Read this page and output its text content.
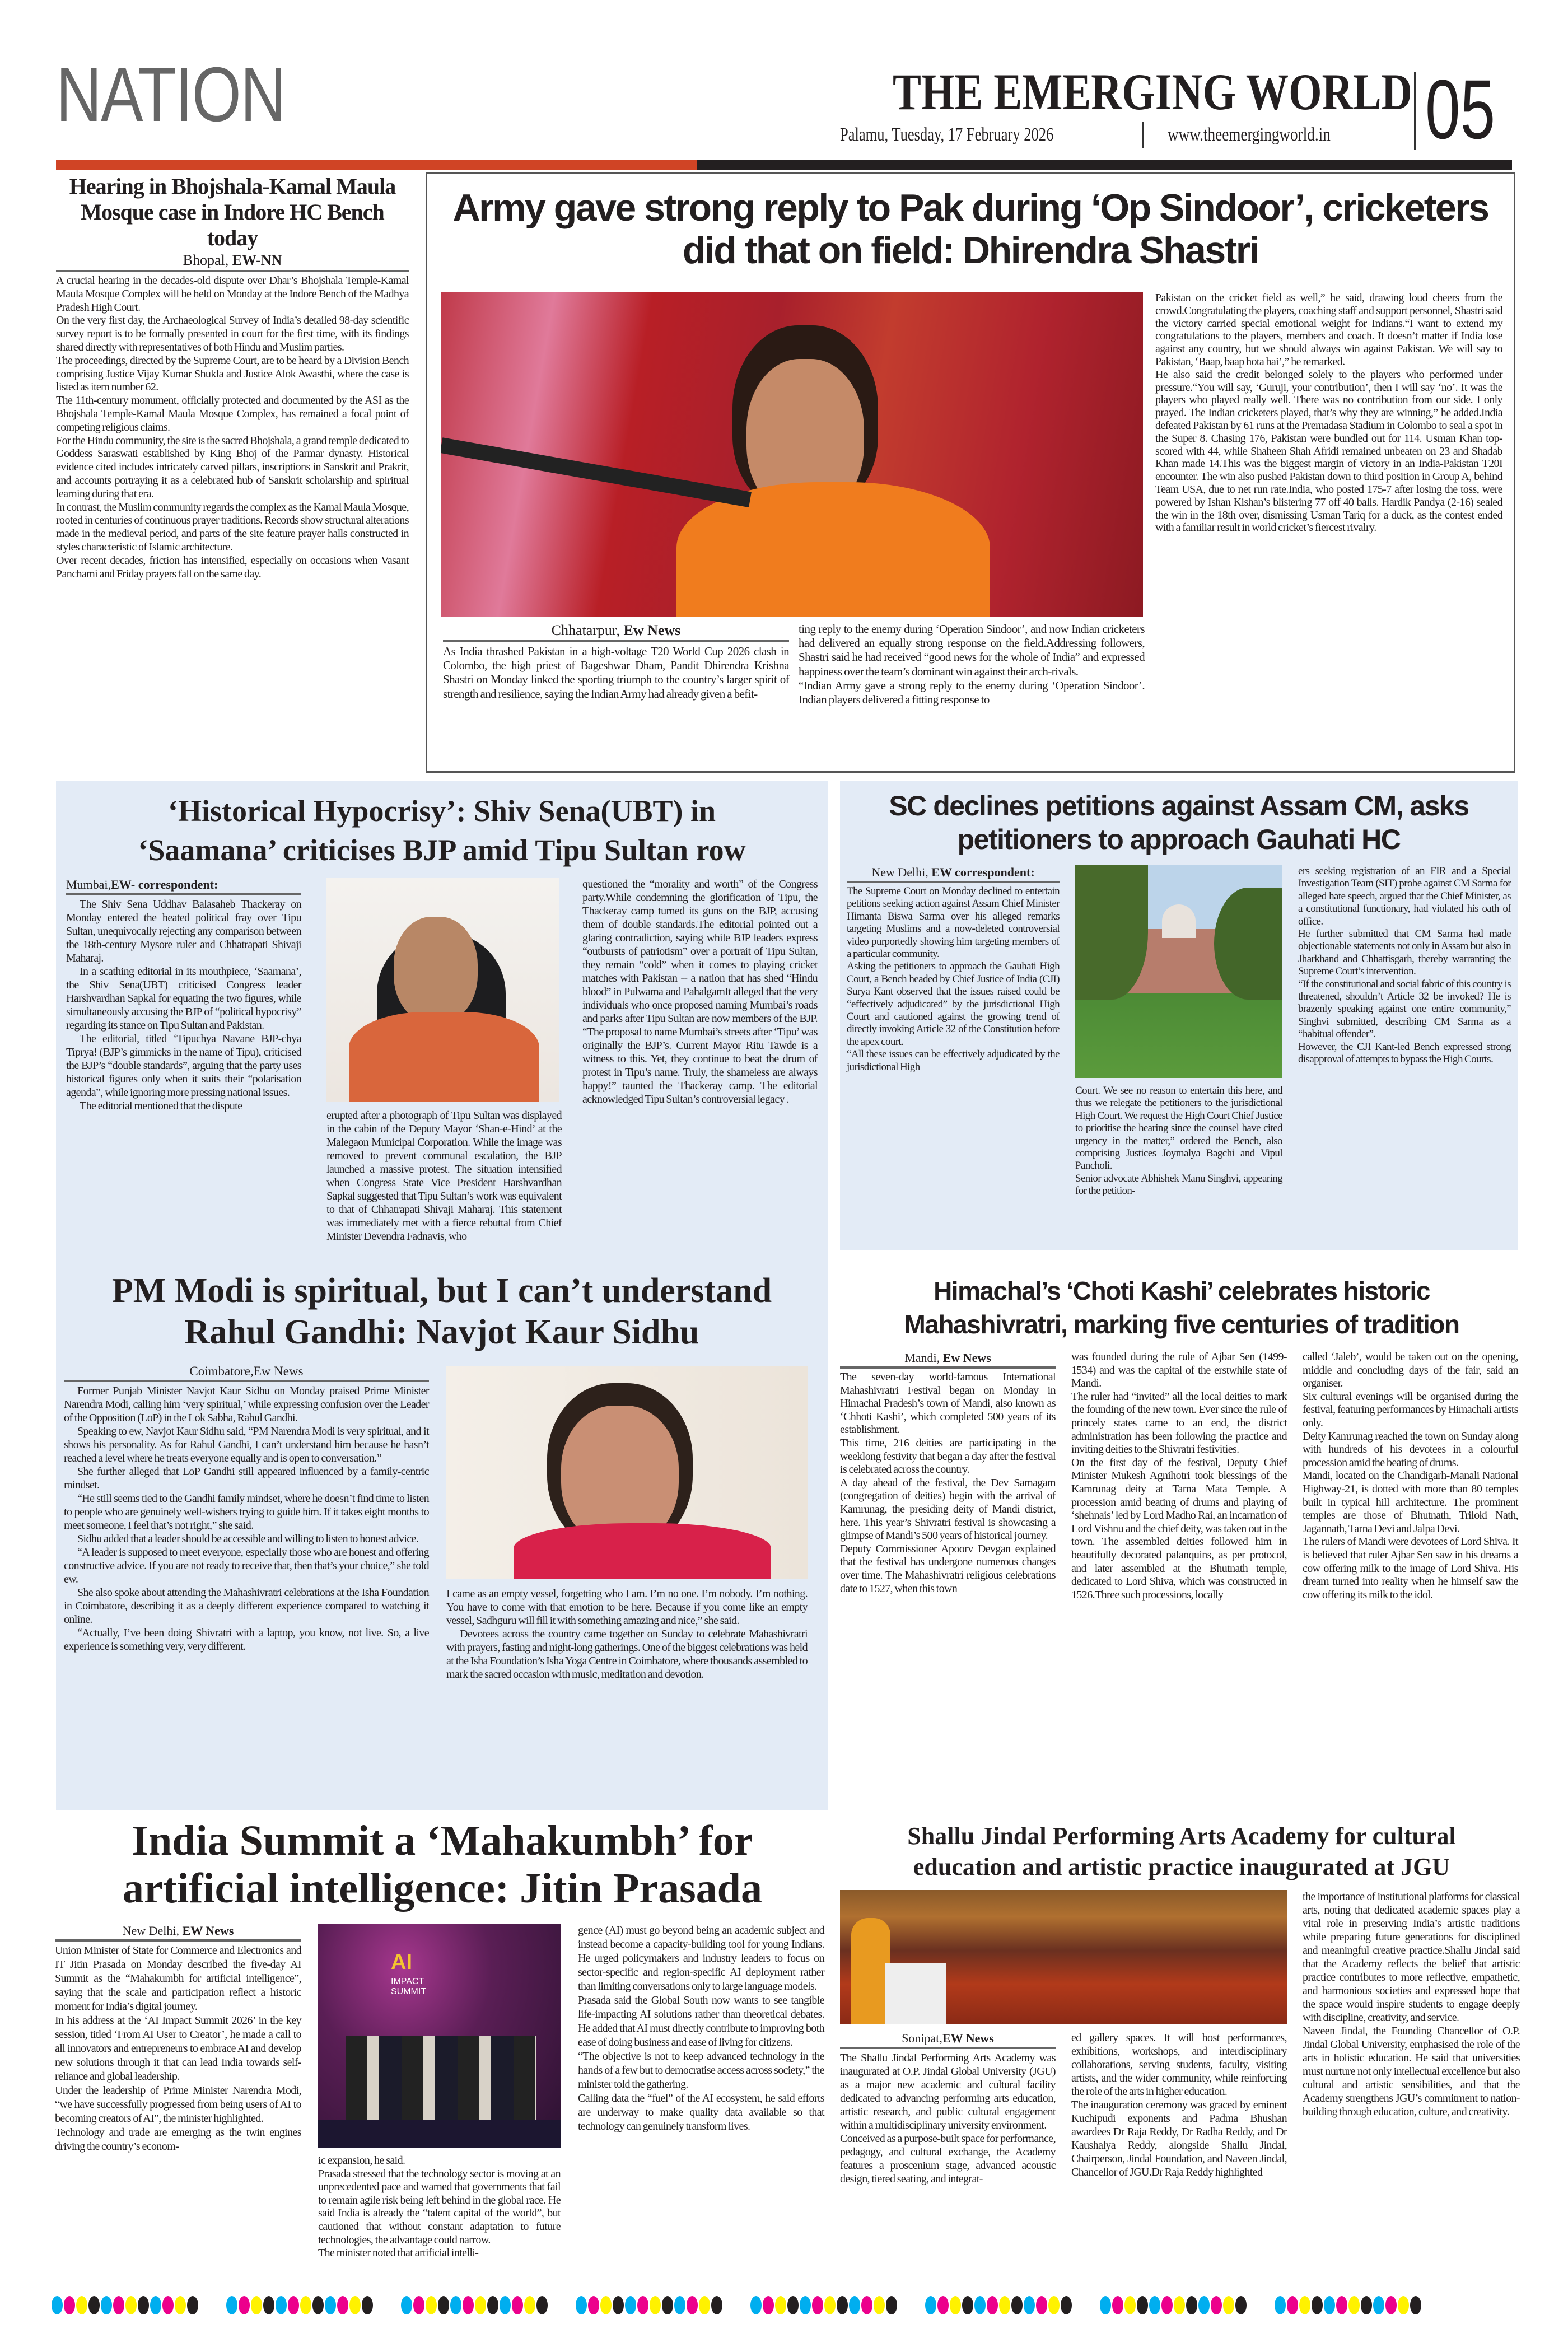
NATION	THE EMERGING WORLD
Palamu, Tuesday, 17 February 2026	www.theemergingworld.in 05
Hearing in Bhojshala-Kamal Maula Mosque case in Indore HC Bench today
Bhopal, EW-NN

A crucial hearing in the decades-old dispute over Dhar’s Bhojshala Temple-Kamal Maula Mosque Complex will be held on Monday at the Indore Bench of the Madhya Pradesh High Court.

On the very first day, the Archaeological Survey of India’s detailed 98-day scientific survey report is to be formally presented in court for the first time, with its findings shared directly with representatives of both Hindu and Muslim parties.

The proceedings, directed by the Supreme Court, are to be heard by a Division Bench comprising Justice Vijay Kumar Shukla and Justice Alok Awasthi, where the case is listed as item number 62.

The 11th-century monument, officially protected and documented by the ASI as the Bhojshala Temple-Kamal Maula Mosque Complex, has remained a focal point of competing religious claims.

For the Hindu community, the site is the sacred Bhojshala, a grand temple dedicated to Goddess Saraswati established by King Bhoj of the Parmar dynasty. Historical evidence cited includes intricately carved pillars, inscriptions in Sanskrit and Prakrit, and accounts portraying it as a celebrated hub of Sanskrit scholarship and spiritual learning during that era.

In contrast, the Muslim community regards the complex as the Kamal Maula Mosque, rooted in centuries of continuous prayer traditions. Records show structural alterations made in the medieval period, and parts of the site feature prayer halls constructed in styles characteristic of Islamic architecture.

Over recent decades, friction has intensified, especially on occasions when Vasant Panchami and Friday prayers fall on the same day.

Army gave strong reply to Pak during ‘Op Sindoor’, cricketers did that on field: Dhirendra Shastri
Chhatarpur, Ew News

As India thrashed Pakistan in a high-voltage T20 World Cup 2026 clash in Colombo, the high priest of Bageshwar Dham, Pandit Dhirendra Krishna Shastri on Monday linked the sporting triumph to the country’s larger spirit of strength and resilience, saying the Indian Army had already given a befit-

ting reply to the enemy during ‘Operation Sindoor’, and now Indian cricketers had delivered an equally strong response on the field.Addressing followers, Shastri said he had received “good news for the whole of India” and expressed happiness over the team’s dominant win against their arch-rivals.

“Indian Army gave a strong reply to the enemy during ‘Operation Sindoor’. Indian players delivered a fitting response to

Pakistan on the cricket field as well,” he said, drawing loud cheers from the crowd.Congratulating the players, coaching staff and support personnel, Shastri said the victory carried special emotional weight for Indians.“I want to extend my congratulations to the players, members and coach. It doesn’t matter if India lose against any country, but we should always win against Pakistan. We will say to Pakistan, ‘Baap, baap hota hai’,” he remarked.

He also said the credit belonged solely to the players who performed under pressure.“You will say, ‘Guruji, your contribution’, then I will say ‘no’. It was the players who played really well. There was no contribution from our side. I only prayed. The Indian cricketers played, that’s why they are winning,” he added.India defeated Pakistan by 61 runs at the Premadasa Stadium in Colombo to seal a spot in the Super 8. Chasing 176, Pakistan were bundled out for 114. Usman Khan top-scored with 44, while Shaheen Shah Afridi remained unbeaten on 23 and Shadab Khan made 14.This was the biggest margin of victory in an India-Pakistan T20I encounter. The win also pushed Pakistan down to third position in Group A, behind Team USA, due to net run rate.India, who posted 175-7 after losing the toss, were powered by Ishan Kishan’s blistering 77 off 40 balls. Hardik Pandya (2-16) sealed the win in the 18th over, dismissing Usman Tariq for a duck, as the contest ended with a familiar result in world cricket’s fiercest rivalry.

‘Historical Hypocrisy’: Shiv Sena(UBT) in
‘Saamana’ criticises BJP amid Tipu Sultan row
Mumbai,EW- correspondent:

The Shiv Sena Uddhav Balasaheb Thackeray on Monday entered the heated political fray over Tipu Sultan, unequivocally rejecting any comparison between the 18th-century Mysore ruler and Chhatrapati Shivaji Maharaj.

In a scathing editorial in its mouthpiece, ‘Saamana’, the Shiv Sena(UBT) criticised Congress leader Harshvardhan Sapkal for equating the two figures, while simultaneously accusing the BJP of “political hypocrisy” regarding its stance on Tipu Sultan and Pakistan.

The editorial, titled ‘Tipuchya Navane BJP-chya Tiprya! (BJP’s gimmicks in the name of Tipu), criticised the BJP’s “double standards”, arguing that the party uses historical figures only when it suits their “polarisation agenda”, while ignoring more pressing national issues.

The editorial mentioned that the dispute

erupted after a photograph of Tipu Sultan was displayed in the cabin of the Deputy Mayor ‘Shan-e-Hind’ at the Malegaon Municipal Corporation. While the image was removed to prevent communal escalation, the BJP launched a massive protest. The situation intensified when Congress State Vice President Harshvardhan Sapkal suggested that Tipu Sultan’s work was equivalent to that of Chhatrapati Shivaji Maharaj. This statement was immediately met with a fierce rebuttal from Chief Minister Devendra Fadnavis, who

questioned the “morality and worth” of the Congress party.While condemning the glorification of Tipu, the Thackeray camp turned its guns on the BJP, accusing them of double standards.The editorial pointed out a glaring contradiction, saying while BJP leaders express “outbursts of patriotism” over a portrait of Tipu Sultan, they remain “cold” when it comes to playing cricket matches with Pakistan -- a nation that has shed “Hindu blood” in Pulwama and PahalgamIt alleged that the very individuals who once proposed naming Mumbai’s roads and parks after Tipu Sultan are now members of the BJP. “The proposal to name Mumbai’s streets after ‘Tipu’ was originally the BJP’s. Current Mayor Ritu Tawde is a witness to this. Yet, they continue to beat the drum of protest in Tipu’s name. Truly, the shameless are always happy!” taunted the Thackeray camp. The editorial acknowledged Tipu Sultan’s controversial legacy .

PM Modi is spiritual, but I can’t understand
Rahul Gandhi: Navjot Kaur Sidhu
Coimbatore,Ew News

Former Punjab Minister Navjot Kaur Sidhu on Monday praised Prime Minister Narendra Modi, calling him ‘very spiritual,’ while expressing confusion over the Leader of the Opposition (LoP) in the Lok Sabha, Rahul Gandhi.

Speaking to ew, Navjot Kaur Sidhu said, “PM Narendra Modi is very spiritual, and it shows his personality. As for Rahul Gandhi, I can’t understand him because he hasn’t reached a level where he treats everyone equally and is open to conversation.”

She further alleged that LoP Gandhi still appeared influenced by a family-centric mindset.

“He still seems tied to the Gandhi family mindset, where he doesn’t find time to listen to people who are genuinely well-wishers trying to guide him. If it takes eight months to meet someone, I feel that’s not right,” she said.

Sidhu added that a leader should be accessible and willing to listen to honest advice.

“A leader is supposed to meet everyone, especially those who are honest and offering constructive advice. If you are not ready to receive that, then that’s your choice,” she told ew.

She also spoke about attending the Mahashivratri celebrations at the Isha Foundation in Coimbatore, describing it as a deeply different experience compared to watching it online.

“Actually, I’ve been doing Shivratri with a laptop, you know, not live. So, a live experience is something very, very different.

I came as an empty vessel, forgetting who I am. I’m no one. I’m nobody. I’m nothing. You have to come with that emotion to be here. Because if you come like an empty vessel, Sadhguru will fill it with something amazing and nice,” she said.

Devotees across the country came together on Sunday to celebrate Mahashivratri with prayers, fasting and night-long gatherings. One of the biggest celebrations was held at the Isha Foundation’s Isha Yoga Centre in Coimbatore, where thousands assembled to mark the sacred occasion with music, meditation and devotion.

SC declines petitions against Assam CM, asks
petitioners to approach Gauhati HC
New Delhi, EW correspondent:

The Supreme Court on Monday declined to entertain petitions seeking action against Assam Chief Minister Himanta Biswa Sarma over his alleged remarks targeting Muslims and a now-deleted controversial video purportedly showing him targeting members of a particular community.

Asking the petitioners to approach the Gauhati High Court, a Bench headed by Chief Justice of India (CJI) Surya Kant observed that the issues raised could be “effectively adjudicated” by the jurisdictional High Court and cautioned against the growing trend of directly invoking Article 32 of the Constitution before the apex court.

“All these issues can be effectively adjudicated by the jurisdictional High

Court. We see no reason to entertain this here, and thus we relegate the petitioners to the jurisdictional High Court. We request the High Court Chief Justice to prioritise the hearing since the counsel have cited urgency in the matter,” ordered the Bench, also comprising Justices Joymalya Bagchi and Vipul Pancholi.

Senior advocate Abhishek Manu Singhvi, appearing for the petition-

ers seeking registration of an FIR and a Special Investigation Team (SIT) probe against CM Sarma for alleged hate speech, argued that the Chief Minister, as a constitutional functionary, had violated his oath of office.

He further submitted that CM Sarma had made objectionable statements not only in Assam but also in Jharkhand and Chhattisgarh, thereby warranting the Supreme Court’s intervention.

“If the constitutional and social fabric of this country is threatened, shouldn’t Article 32 be invoked? He is brazenly speaking against one entire community,” Singhvi submitted, describing CM Sarma as a “habitual offender”.

However, the CJI Kant-led Bench expressed strong disapproval of attempts to bypass the High Courts.

Himachal’s ‘Choti Kashi’ celebrates historic
Mahashivratri, marking five centuries of tradition
Mandi, Ew News

The seven-day world-famous International Mahashivratri Festival began on Monday in Himachal Pradesh’s town of Mandi, also known as ‘Chhoti Kashi’, which completed 500 years of its establishment.

This time, 216 deities are participating in the weeklong festivity that began a day after the festival is celebrated across the country.

A day ahead of the festival, the Dev Samagam (congregation of deities) begin with the arrival of Kamrunag, the presiding deity of Mandi district, here. This year’s Shivratri festival is showcasing a glimpse of Mandi’s 500 years of historical journey.

Deputy Commissioner Apoorv Devgan explained that the festival has undergone numerous changes over time. The Mahashivratri religious celebrations date to 1527, when this town

was founded during the rule of Ajbar Sen (1499-1534) and was the capital of the erstwhile state of Mandi.

The ruler had “invited” all the local deities to mark the founding of the new town. Ever since the rule of princely states came to an end, the district administration has been following the practice and inviting deities to the Shivratri festivities.

On the first day of the festival, Deputy Chief Minister Mukesh Agnihotri took blessings of the Kamrunag deity at Tarna Mata Temple. A procession amid beating of drums and playing of ‘shehnais’ led by Lord Madho Rai, an incarnation of Lord Vishnu and the chief deity, was taken out in the town. The assembled deities followed him in beautifully decorated palanquins, as per protocol, and later assembled at the Bhutnath temple, dedicated to Lord Shiva, which was constructed in 1526.Three such processions, locally

called ‘Jaleb’, would be taken out on the opening, middle and concluding days of the fair, said an organiser.

Six cultural evenings will be organised during the festival, featuring performances by Himachali artists only.

Deity Kamrunag reached the town on Sunday along with hundreds of his devotees in a colourful procession amid the beating of drums.

Mandi, located on the Chandigarh-Manali National Highway-21, is dotted with more than 80 temples built in typical hill architecture. The prominent temples are those of Bhutnath, Triloki Nath, Jagannath, Tarna Devi and Jalpa Devi.

The rulers of Mandi were devotees of Lord Shiva. It is believed that ruler Ajbar Sen saw in his dreams a cow offering milk to the image of Lord Shiva. His dream turned into reality when he himself saw the cow offering its milk to the idol.

India Summit a ‘Mahakumbh’ for
artificial intelligence: Jitin Prasada
New Delhi, EW News

Union Minister of State for Commerce and Electronics and IT Jitin Prasada on Monday described the five-day AI Summit as the “Mahakumbh for artificial intelligence”, saying that the scale and participation reflect a historic moment for India’s digital journey.

In his address at the ‘AI Impact Summit 2026’ in the key session, titled ‘From AI User to Creator’, he made a call to all innovators and entrepreneurs to embrace AI and develop new solutions through it that can lead India towards self-reliance and global leadership.

Under the leadership of Prime Minister Narendra Modi, “we have successfully progressed from being users of AI to becoming creators of AI”, the minister highlighted.

Technology and trade are emerging as the twin engines driving the country’s econom-

AI
IMPACT
SUMMIT

ic expansion, he said.

Prasada stressed that the technology sector is moving at an unprecedented pace and warned that governments that fail to remain agile risk being left behind in the global race. He said India is already the “talent capital of the world”, but cautioned that without constant adaptation to future technologies, the advantage could narrow.

The minister noted that artificial intelli-

gence (AI) must go beyond being an academic subject and instead become a capacity-building tool for young Indians. He urged policymakers and industry leaders to focus on sector-specific and region-specific AI deployment rather than limiting conversations only to large language models.

Prasada said the Global South now wants to see tangible life-impacting AI solutions rather than theoretical debates. He added that AI must directly contribute to improving both ease of doing business and ease of living for citizens.

“The objective is not to keep advanced technology in the hands of a few but to democratise access across society,” the minister told the gathering.

Calling data the “fuel” of the AI ecosystem, he said efforts are underway to make quality data available so that technology can genuinely transform lives.

Shallu Jindal Performing Arts Academy for cultural
education and artistic practice inaugurated at JGU
Sonipat,EW News

The Shallu Jindal Performing Arts Academy was inaugurated at O.P. Jindal Global University (JGU) as a major new academic and cultural facility dedicated to advancing performing arts education, artistic research, and public cultural engagement within a multidisciplinary university environment.

Conceived as a purpose-built space for performance, pedagogy, and cultural exchange, the Academy features a proscenium stage, advanced acoustic design, tiered seating, and integrat-

ed gallery spaces. It will host performances, exhibitions, workshops, and interdisciplinary collaborations, serving students, faculty, visiting artists, and the wider community, while reinforcing the role of the arts in higher education.

The inauguration ceremony was graced by eminent Kuchipudi exponents and Padma Bhushan awardees Dr Raja Reddy, Dr Radha Reddy, and Dr Kaushalya Reddy, alongside Shallu Jindal, Chairperson, Jindal Foundation, and Naveen Jindal, Chancellor of JGU.Dr Raja Reddy highlighted

the importance of institutional platforms for classical arts, noting that dedicated academic spaces play a vital role in preserving India’s artistic traditions while preparing future generations for disciplined and meaningful creative practice.Shallu Jindal said that the Academy reflects the belief that artistic practice contributes to more reflective, empathetic, and harmonious societies and expressed hope that the space would inspire students to engage deeply with discipline, creativity, and service.

Naveen Jindal, the Founding Chancellor of O.P. Jindal Global University, emphasised the role of the arts in holistic education. He said that universities must nurture not only intellectual excellence but also cultural and artistic sensibilities, and that the Academy strengthens JGU’s commitment to nation-building through education, culture, and creativity.
